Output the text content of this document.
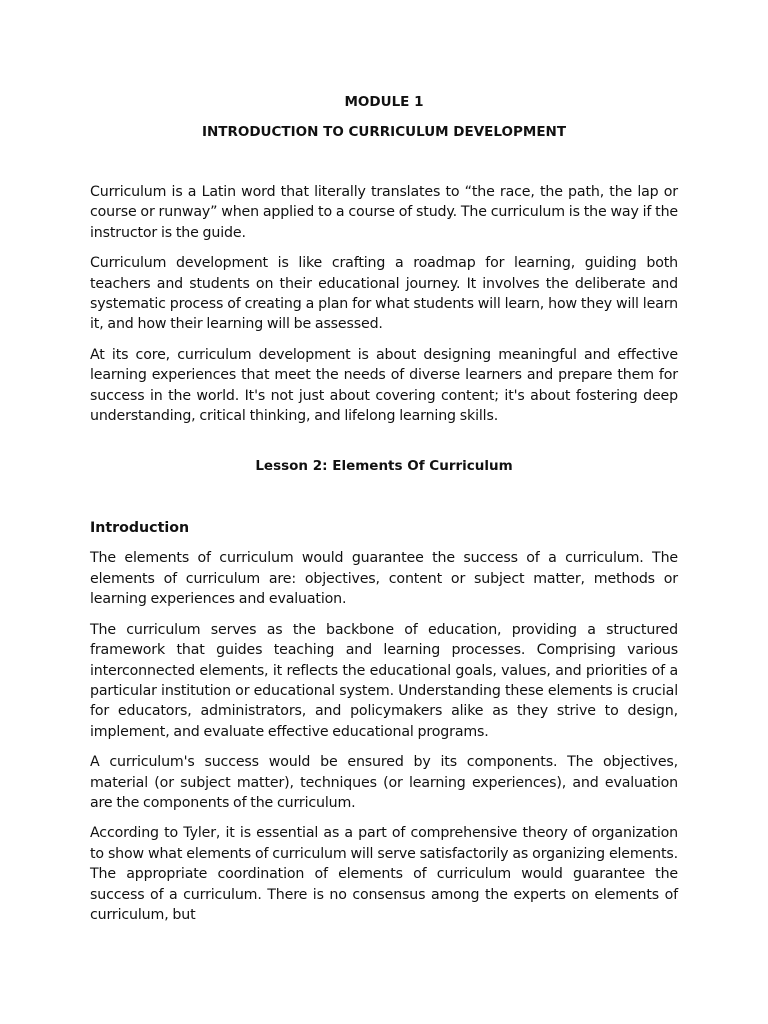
MODULE 1

INTRODUCTION TO CURRICULUM DEVELOPMENT

Curriculum is a Latin word that literally translates to “the race, the path, the lap or course or runway” when applied to a course of study. The curriculum is the way if the instructor is the guide.

Curriculum development is like crafting a roadmap for learning, guiding both teachers and students on their educational journey. It involves the deliberate and systematic process of creating a plan for what students will learn, how they will learn it, and how their learning will be assessed.

At its core, curriculum development is about designing meaningful and effective learning experiences that meet the needs of diverse learners and prepare them for success in the world. It's not just about covering content; it's about fostering deep understanding, critical thinking, and lifelong learning skills.

Lesson 2: Elements Of Curriculum

Introduction

The elements of curriculum would guarantee the success of a curriculum. The elements of curriculum are: objectives, content or subject matter, methods or learning experiences and evaluation.

The curriculum serves as the backbone of education, providing a structured framework that guides teaching and learning processes. Comprising various interconnected elements, it reflects the educational goals, values, and priorities of a particular institution or educational system. Understanding these elements is crucial for educators, administrators, and policymakers alike as they strive to design, implement, and evaluate effective educational programs.

A curriculum's success would be ensured by its components. The objectives, material (or subject matter), techniques (or learning experiences), and evaluation are the components of the curriculum.

According to Tyler, it is essential as a part of comprehensive theory of organization to show what elements of curriculum will serve satisfactorily as organizing elements. The appropriate coordination of elements of curriculum would guarantee the success of a curriculum. There is no consensus among the experts on elements of curriculum, but
